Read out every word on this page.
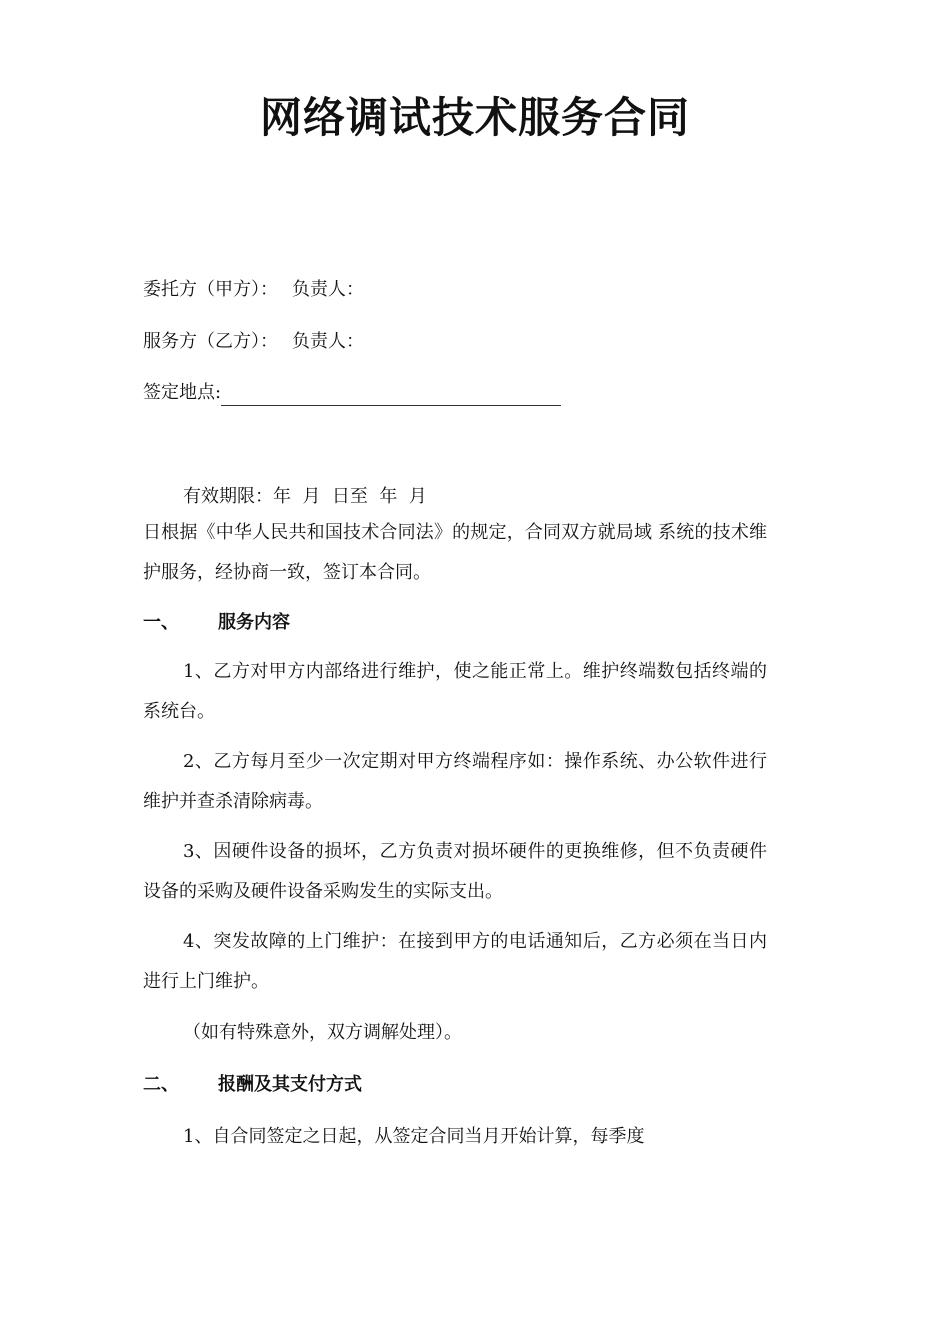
网络调试技术服务合同
委托方（甲方）： 负责人：
服务方（乙方）： 负责人：
签定地点:
有效期限：年  月  日至  年  月
日根据《中华人民共和国技术合同法》的规定，合同双方就局域 系统的技术维护服务，经协商一致，签订本合同。
一、 服务内容
1、乙方对甲方内部络进行维护，使之能正常上。维护终端数包括终端的系统台。
2、乙方每月至少一次定期对甲方终端程序如：操作系统、办公软件进行维护并查杀清除病毒。
3、因硬件设备的损坏，乙方负责对损坏硬件的更换维修，但不负责硬件设备的采购及硬件设备采购发生的实际支出。
4、突发故障的上门维护：在接到甲方的电话通知后，乙方必须在当日内进行上门维护。
（如有特殊意外，双方调解处理）。
二、 报酬及其支付方式
1、自合同签定之日起，从签定合同当月开始计算，每季度
